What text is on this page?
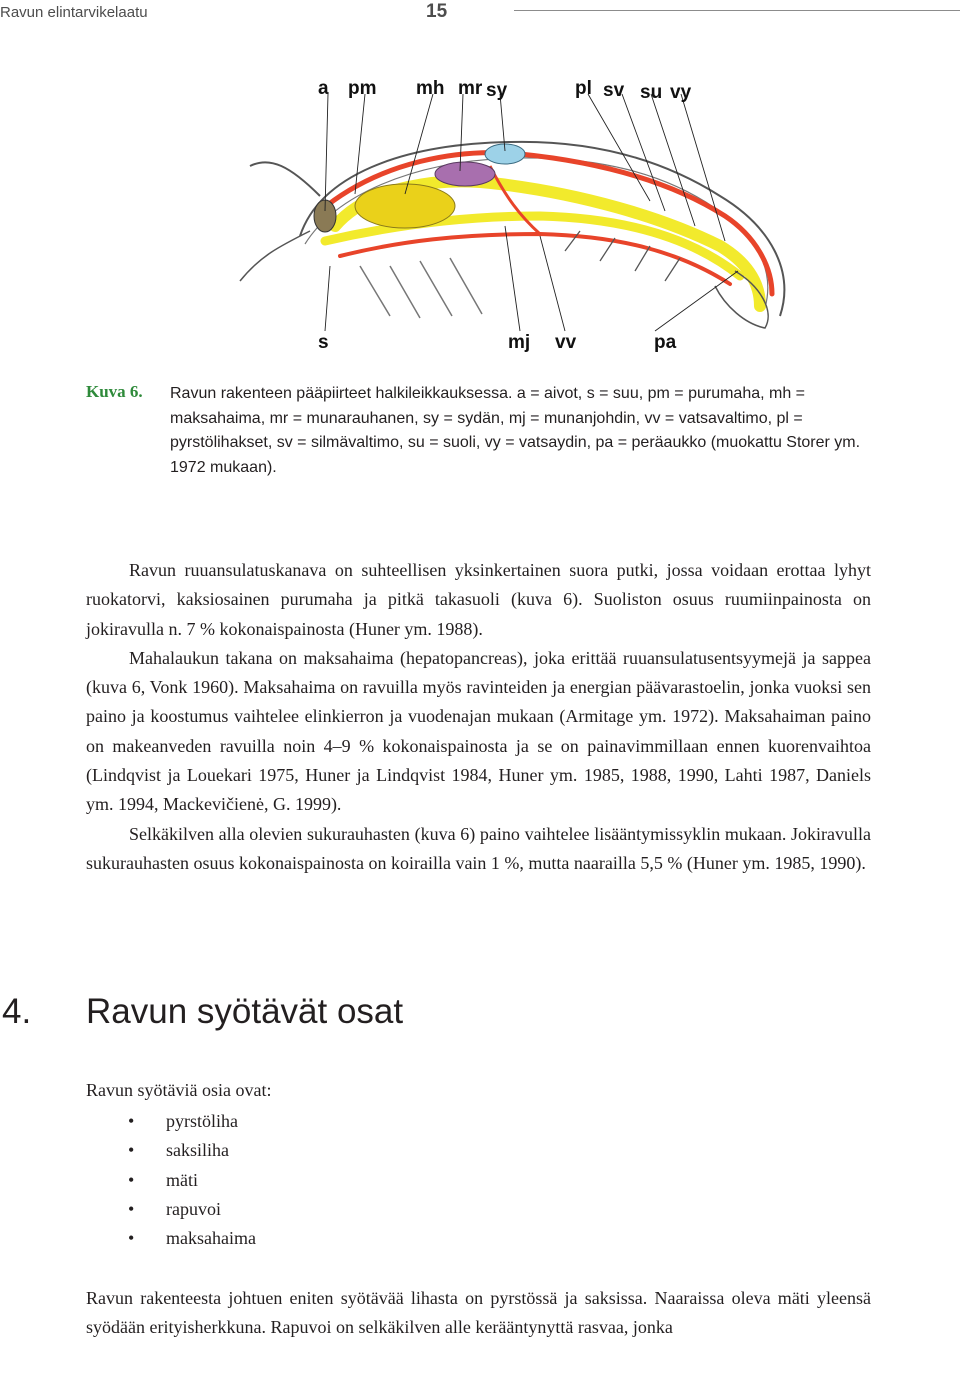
Ravun elintarvikelaatu	15
a pm mh mr sy	pl sv su vy
s	mj vv	pa
Kuva 6. Ravun rakenteen pääpiirteet halkileikkauksessa. a = aivot, s = suu, pm = purumaha, mh = maksahaima, mr = munarauhanen, sy = sydän, mj = munanjohdin, vv = vatsavaltimo, pl = pyrstölihakset, sv = silmävaltimo, su = suoli, vy = vatsaydin, pa = peräaukko (muokattu Storer ym. 1972 mukaan).

Ravun ruuansulatuskanava on suhteellisen yksinkertainen suora putki, jossa voidaan erottaa lyhyt ruokatorvi, kaksiosainen purumaha ja pitkä takasuoli (kuva 6). Suoliston osuus ruumiinpainosta on jokiravulla n. 7 % kokonaispainosta (Huner ym. 1988).

Mahalaukun takana on maksahaima (hepatopancreas), joka erittää ruuansulatusentsyymejä ja sappea (kuva 6, Vonk 1960). Maksahaima on ravuilla myös ravinteiden ja energian päävarastoelin, jonka vuoksi sen paino ja koostumus vaihtelee elinkierron ja vuodenajan mukaan (Armitage ym. 1972). Maksahaiman paino on makeanveden ravuilla noin 4–9 % kokonaispainosta ja se on painavimmillaan ennen kuorenvaihtoa (Lindqvist ja Louekari 1975, Huner ja Lindqvist 1984, Huner ym. 1985, 1988, 1990, Lahti 1987, Daniels ym. 1994, Mackevičienė, G. 1999).

Selkäkilven alla olevien sukurauhasten (kuva 6) paino vaihtelee lisääntymissyklin mukaan. Jokiravulla sukurauhasten osuus kokonaispainosta on koirailla vain 1 %, mutta naarailla 5,5 % (Huner ym. 1985, 1990).

4. Ravun syötävät osat
Ravun syötäviä osia ovat:
• pyrstöliha
• saksiliha
• mäti
• rapuvoi
• maksahaima
Ravun rakenteesta johtuen eniten syötävää lihasta on pyrstössä ja saksissa. Naaraissa oleva mäti yleensä syödään erityisherkkuna. Rapuvoi on selkäkilven alle kerääntynyttä rasvaa, jonka
